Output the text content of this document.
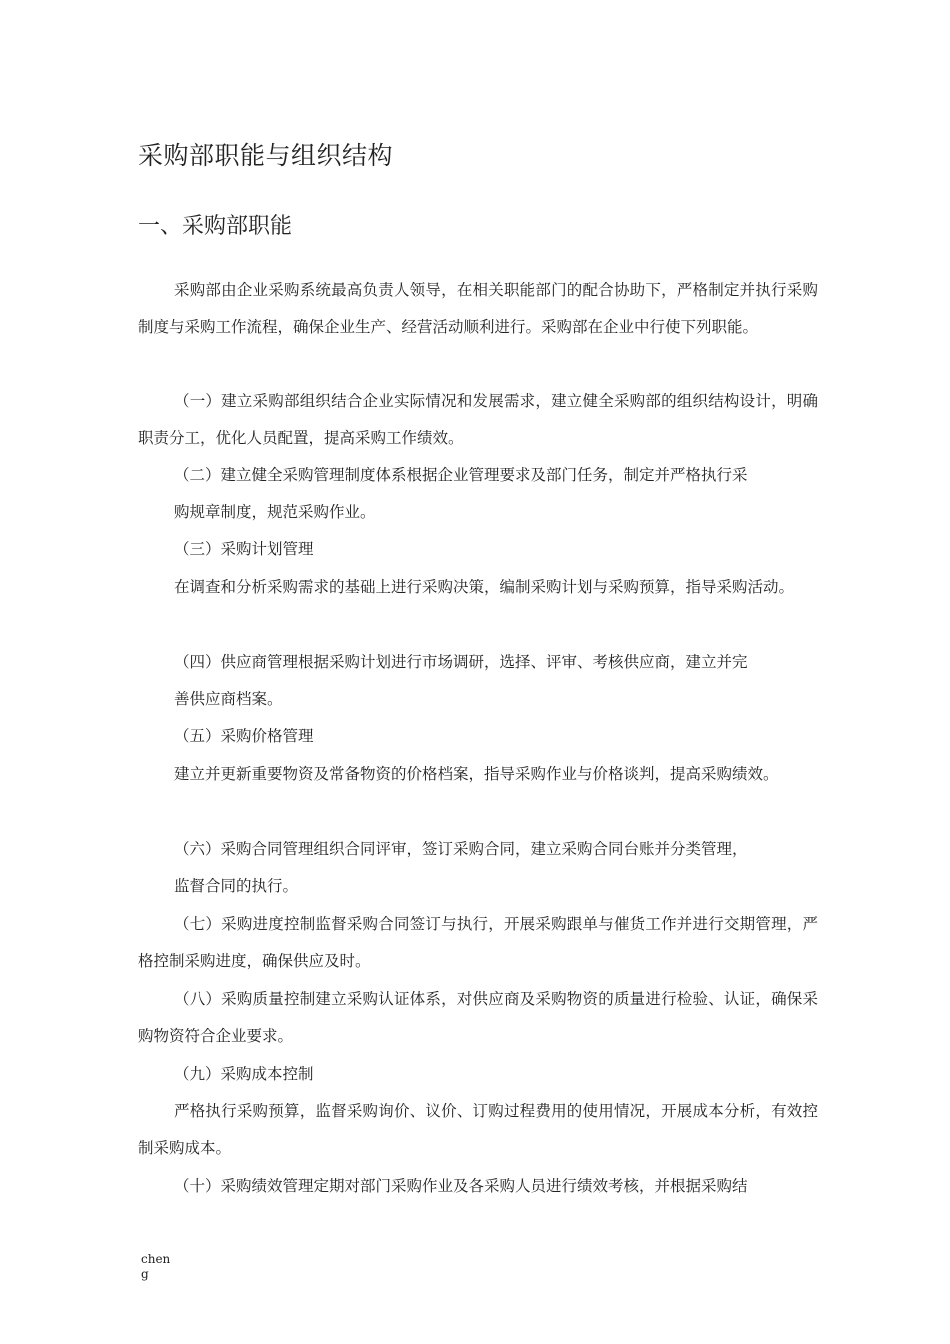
采购部职能与组织结构
一、采购部职能

采购部由企业采购系统最高负责人领导，在相关职能部门的配合协助下，严格制定并执行采购制度与采购工作流程，确保企业生产、经营活动顺利进行。采购部在企业中行使下列职能。

（一）建立采购部组织结合企业实际情况和发展需求，建立健全采购部的组织结构设计，明确职责分工，优化人员配置，提高采购工作绩效。

（二）建立健全采购管理制度体系根据企业管理要求及部门任务，制定并严格执行采

购规章制度，规范采购作业。

（三）采购计划管理

在调查和分析采购需求的基础上进行采购决策，编制采购计划与采购预算，指导采购活动。

（四）供应商管理根据采购计划进行市场调研，选择、评审、考核供应商，建立并完

善供应商档案。

（五）采购价格管理

建立并更新重要物资及常备物资的价格档案，指导采购作业与价格谈判，提高采购绩效。

（六）采购合同管理组织合同评审，签订采购合同，建立采购合同台账并分类管理，

监督合同的执行。

（七）采购进度控制监督采购合同签订与执行，开展采购跟单与催货工作并进行交期管理，严格控制采购进度，确保供应及时。

（八）采购质量控制建立采购认证体系，对供应商及采购物资的质量进行检验、认证，确保采购物资符合企业要求。

（九）采购成本控制

严格执行采购预算，监督采购询价、议价、订购过程费用的使用情况，开展成本分析，有效控制采购成本。

（十）采购绩效管理定期对部门采购作业及各采购人员进行绩效考核，并根据采购结

chen
g
